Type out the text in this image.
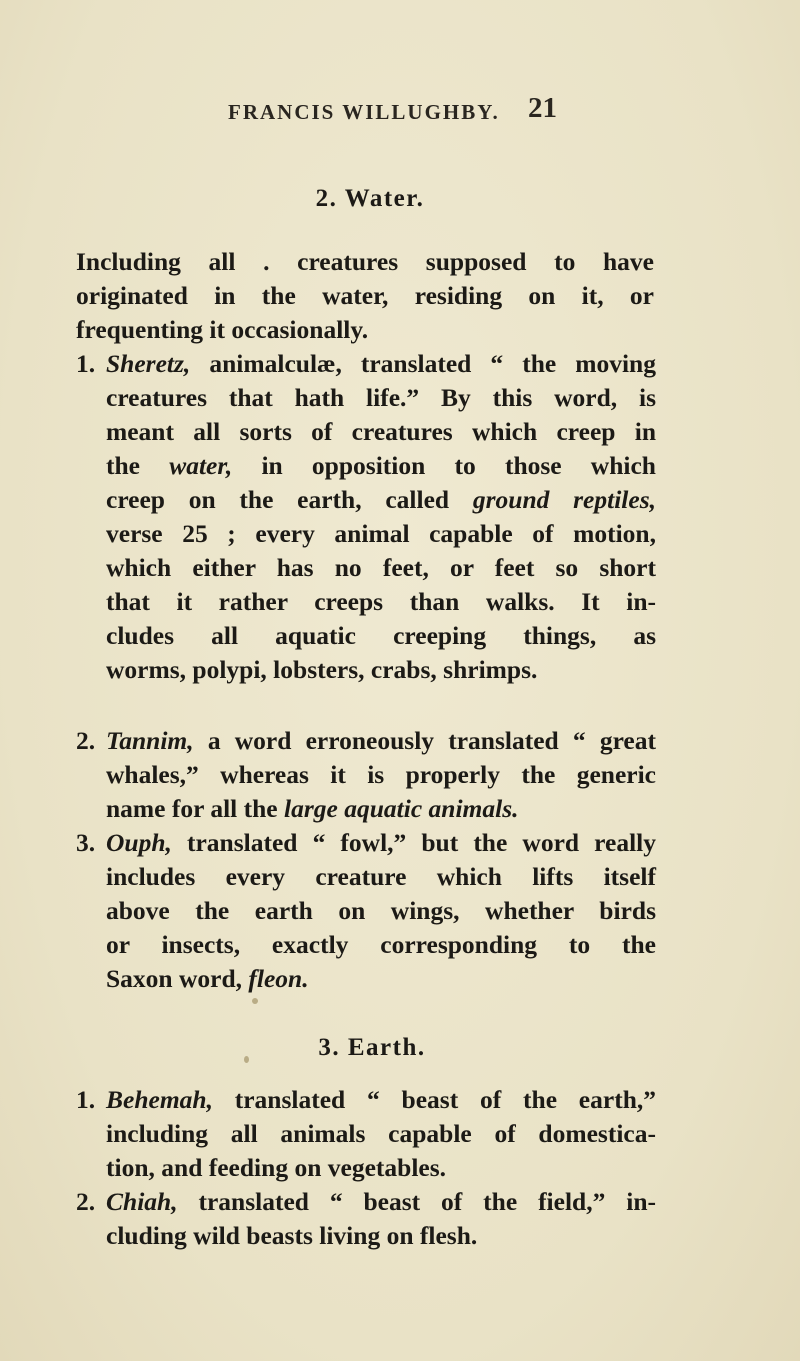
FRANCIS WILLUGHBY. 21
2. Water.
Including all . creatures supposed to have
originated in the water, residing on it, or
frequenting it occasionally.
1. Sheretz, animalculæ, translated “ the moving
creatures that hath life.” By this word, is
meant all sorts of creatures which creep in
the water, in opposition to those which
creep on the earth, called ground reptiles,
verse 25 ; every animal capable of motion,
which either has no feet, or feet so short
that it rather creeps than walks. It in-
cludes all aquatic creeping things, as
worms, polypi, lobsters, crabs, shrimps.
2. Tannim, a word erroneously translated “ great
whales,” whereas it is properly the generic
name for all the large aquatic animals.
3. Ouph, translated “ fowl,” but the word really
includes every creature which lifts itself
above the earth on wings, whether birds
or insects, exactly corresponding to the
Saxon word, fleon.
3. Earth.
1. Behemah, translated “ beast of the earth,”
including all animals capable of domestica-
tion, and feeding on vegetables.
2. Chiah, translated “ beast of the field,” in-
cluding wild beasts living on flesh.
